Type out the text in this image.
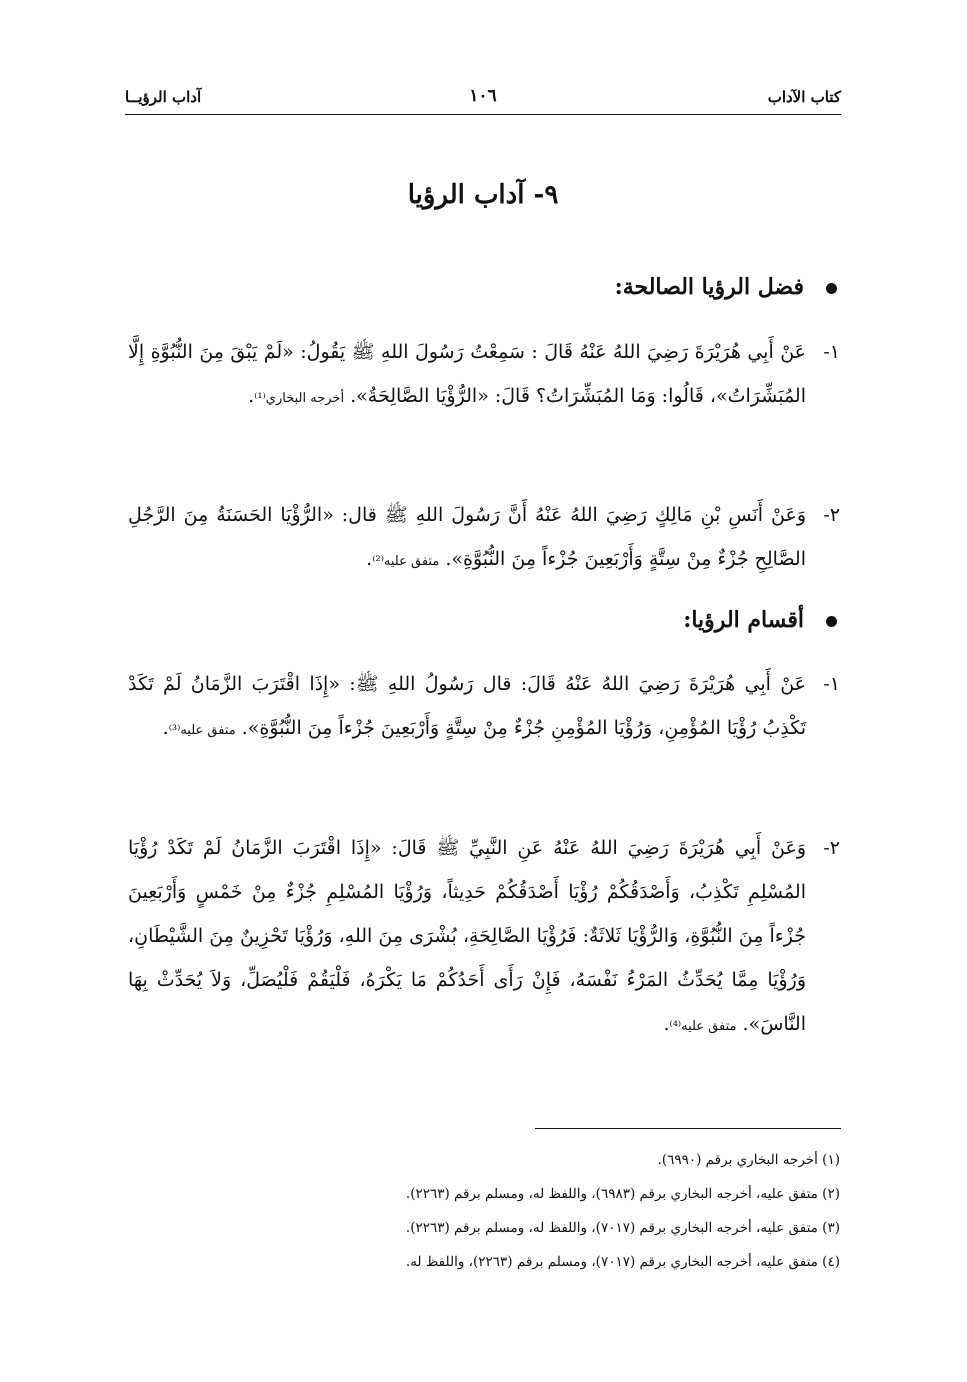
كتاب الآداب
١٠٦
آداب الرؤيــا
٩- آداب الرؤيا
فضل الرؤيا الصالحة:
١-
عَنْ أَبِي هُرَيْرَةَ رَضِيَ اللهُ عَنْهُ قَالَ : سَمِعْتُ رَسُولَ اللهِ ﷺ يَقُولُ: «لَمْ يَبْقَ مِنَ النُّبُوَّةِ إِلَّا المُبَشِّرَاتُ»، قَالُوا: وَمَا المُبَشِّرَاتُ؟ قَالَ: «الرُّؤْيَا الصَّالِحَةُ». أخرجه البخاري⁽¹⁾.
٢-
وَعَنْ أَنَسِ بْنِ مَالِكٍ رَضِيَ اللهُ عَنْهُ أَنَّ رَسُولَ اللهِ ﷺ قال: «الرُّؤْيَا الحَسَنَةُ مِنَ الرَّجُلِ الصَّالِحِ جُزْءٌ مِنْ سِتَّةٍ وَأَرْبَعِينَ جُزْءاً مِنَ النُّبُوَّةِ». متفق عليه⁽²⁾.
أقسام الرؤيا:
١-
عَنْ أَبِي هُرَيْرَةَ رَضِيَ اللهُ عَنْهُ قَالَ: قال رَسُولُ اللهِ ﷺ: «إِذَا اقْتَرَبَ الزَّمَانُ لَمْ تَكَدْ تَكْذِبُ رُؤْيَا المُؤْمِنِ، وَرُؤْيَا المُؤْمِنِ جُزْءٌ مِنْ سِتَّةٍ وَأَرْبَعِينَ جُزْءاً مِنَ النُّبُوَّةِ». متفق عليه⁽³⁾.
٢-
وَعَنْ أَبِي هُرَيْرَةَ رَضِيَ اللهُ عَنْهُ عَنِ النَّبِيِّ ﷺ قَالَ: «إِذَا اقْتَرَبَ الزَّمَانُ لَمْ تَكَدْ رُؤْيَا المُسْلِمِ تَكْذِبُ، وَأَصْدَقُكُمْ رُؤْيَا أَصْدَقُكُمْ حَدِيثاً، وَرُؤْيَا المُسْلِمِ جُزْءٌ مِنْ خَمْسٍ وَأَرْبَعِينَ جُزْءاً مِنَ النُّبُوَّةِ، وَالرُّؤْيَا ثَلاثَةٌ: فَرُؤْيَا الصَّالِحَةِ، بُشْرَى مِنَ اللهِ، وَرُؤْيَا تَحْزِينٌ مِنَ الشَّيْطَانِ، وَرُؤْيَا مِمَّا يُحَدِّثُ المَرْءُ نَفْسَهُ، فَإِنْ رَأَى أَحَدُكُمْ مَا يَكْرَهُ، فَلْيَقُمْ فَلْيُصَلِّ، وَلاَ يُحَدِّثْ بِهَا النَّاسَ». متفق عليه⁽⁴⁾.
(١) أخرجه البخاري برقم (٦٩٩٠).
(٢) متفق عليه، أخرجه البخاري برقم (٦٩٨٣)، واللفظ له، ومسلم برقم (٢٢٦٣).
(٣) متفق عليه، أخرجه البخاري برقم (٧٠١٧)، واللفظ له، ومسلم برقم (٢٢٦٣).
(٤) متفق عليه، أخرجه البخاري برقم (٧٠١٧)، ومسلم برقم (٢٢٦٣)، واللفظ له.
